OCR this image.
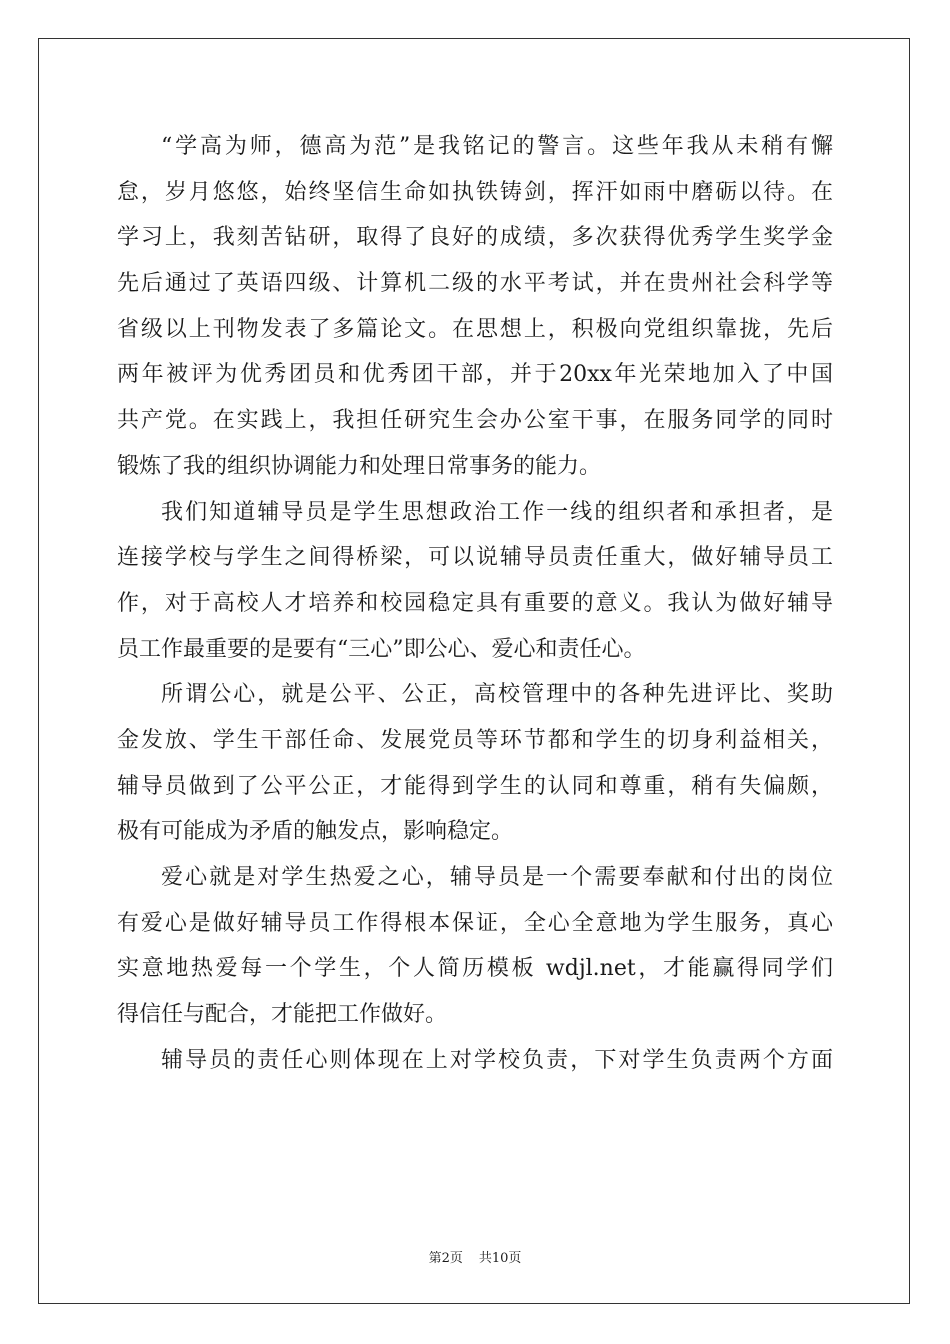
“学高为师，德高为范”是我铭记的警言。这些年我从未稍有懈
怠，岁月悠悠，始终坚信生命如执铁铸剑，挥汗如雨中磨砺以待。在
学习上，我刻苦钻研，取得了良好的成绩，多次获得优秀学生奖学金
先后通过了英语四级、计算机二级的水平考试，并在贵州社会科学等
省级以上刊物发表了多篇论文。在思想上，积极向党组织靠拢，先后
两年被评为优秀团员和优秀团干部，并于20xx年光荣地加入了中国
共产党。在实践上，我担任研究生会办公室干事，在服务同学的同时
锻炼了我的组织协调能力和处理日常事务的能力。
我们知道辅导员是学生思想政治工作一线的组织者和承担者，是
连接学校与学生之间得桥梁，可以说辅导员责任重大，做好辅导员工
作，对于高校人才培养和校园稳定具有重要的意义。我认为做好辅导
员工作最重要的是要有“三心”即公心、爱心和责任心。
所谓公心，就是公平、公正，高校管理中的各种先进评比、奖助
金发放、学生干部任命、发展党员等环节都和学生的切身利益相关，
辅导员做到了公平公正，才能得到学生的认同和尊重，稍有失偏颇，
极有可能成为矛盾的触发点，影响稳定。
爱心就是对学生热爱之心，辅导员是一个需要奉献和付出的岗位
有爱心是做好辅导员工作得根本保证，全心全意地为学生服务，真心
实意地热爱每一个学生，个人简历模板 wdjl.net，才能赢得同学们
得信任与配合，才能把工作做好。
辅导员的责任心则体现在上对学校负责，下对学生负责两个方面
第2页 共10页
